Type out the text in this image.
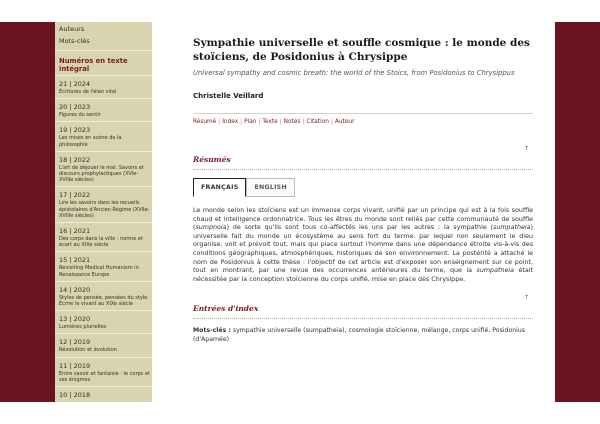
Auteurs
Mots-clés
Numéros en texte intégral
21 | 2024
Écritures de l'élan vital
20 | 2023
Figures du sentir
19 | 2023
Les mises en scène de la philosophie
18 | 2022
L'art de déjouer le mal. Savoirs et discours prophylactiques (XVIe-XVIIIe siècles)
17 | 2022
Lire les savoirs dans les recueils épistolaires d'Ancien Régime (XVIIe-XVIIIe siècles)
16 | 2021
Des corps dans la ville : norme et écart au XIXe siècle
15 | 2021
Revisiting Medical Humanism in Renaissance Europe
14 | 2020
Styles de pensée, pensées du style. Écrire le vivant au XIXe siècle
13 | 2020
Lumières plurielles
12 | 2019
Révolution et évolution
11 | 2019
Entre savoir et fantaisie : le corps et ses énigmes
10 | 2018
Sympathie universelle et souffle cosmique : le monde des stoïciens, de Posidonius à Chrysippe
Universal sympathy and cosmic breath: the world of the Stoics, from Posidonius to Chrysippus
Christelle Veillard
Résumé | Index | Plan | Texte | Notes | Citation | Auteur
Résumés
↑
FRANÇAIS	ENGLISH

Le monde selon les stoïciens est un immense corps vivant, unifié par un principe qui est à la fois souffle chaud et intelligence ordonnatrice. Tous les êtres du monde sont reliés par cette communauté de souffle (sumpnoia) de sorte qu'ils sont tous co-affectés les uns par les autres : la sympathie (sumpatheia) universelle fait du monde un écosystème au sens fort du terme, par lequel non seulement le dieu organise, voit et prévoit tout, mais qui place surtout l'homme dans une dépendance étroite vis-à-vis des conditions géographiques, atmosphériques, historiques de son environnement. La postérité a attaché le nom de Posidonius à cette thèse : l'objectif de cet article est d'exposer son enseignement sur ce point, tout en montrant, par une revue des occurrences antérieures du terme, que la sumpatheia était nécessitée par la conception stoïcienne du corps unifié, mise en place dès Chrysippe.

Entrées d'index
↑

Mots-clés : sympathie universelle (sumpatheia), cosmologie stoïcienne, mélange, corps unifié, Posidonius (d'Apamée)
